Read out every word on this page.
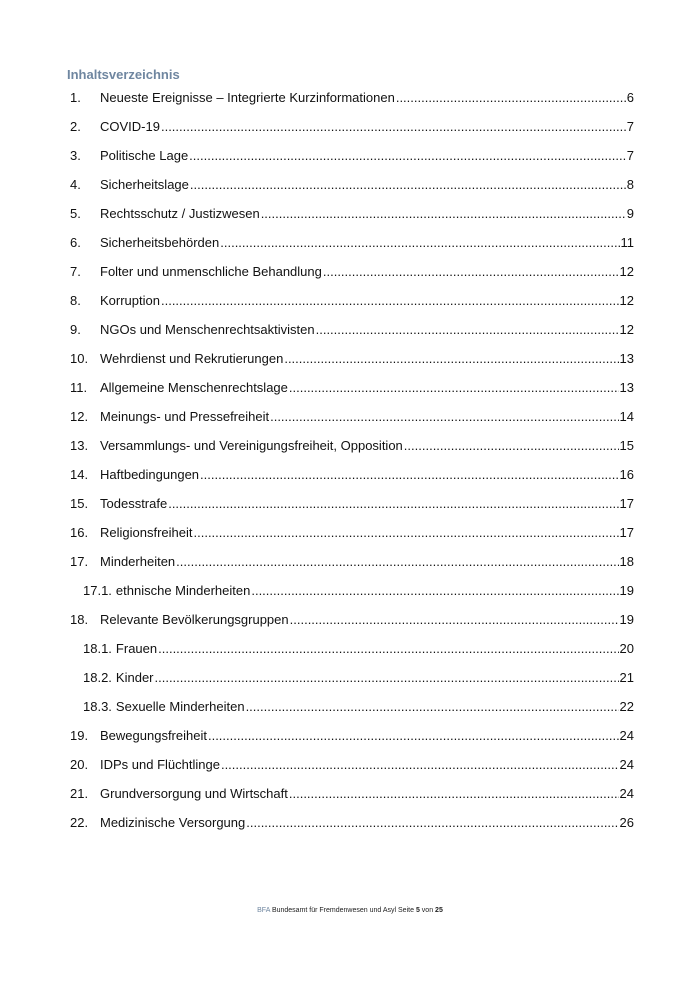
Inhaltsverzeichnis
1.	Neueste Ereignisse – Integrierte Kurzinformationen .....	6
2.	COVID-19 .....	7
3.	Politische Lage .....	7
4.	Sicherheitslage .....	8
5.	Rechtsschutz / Justizwesen .....	9
6.	Sicherheitsbehörden .....	11
7.	Folter und unmenschliche Behandlung .....	12
8.	Korruption .....	12
9.	NGOs und Menschenrechtsaktivisten .....	12
10. Wehrdienst und Rekrutierungen .....	13
11. Allgemeine Menschenrechtslage .....	13
12. Meinungs- und Pressefreiheit .....	14
13. Versammlungs- und Vereinigungsfreiheit, Opposition .....	15
14. Haftbedingungen .....	16
15. Todesstrafe .....	17
16. Religionsfreiheit .....	17
17. Minderheiten .....	18
17.1. ethnische Minderheiten .....	19
18. Relevante Bevölkerungsgruppen .....	19
18.1. Frauen .....	20
18.2. Kinder .....	21
18.3. Sexuelle Minderheiten .....	22
19. Bewegungsfreiheit .....	24
20. IDPs und Flüchtlinge .....	24
21. Grundversorgung und Wirtschaft .....	24
22. Medizinische Versorgung .....	26
BFA Bundesamt für Fremdenwesen und Asyl Seite 5 von 25
